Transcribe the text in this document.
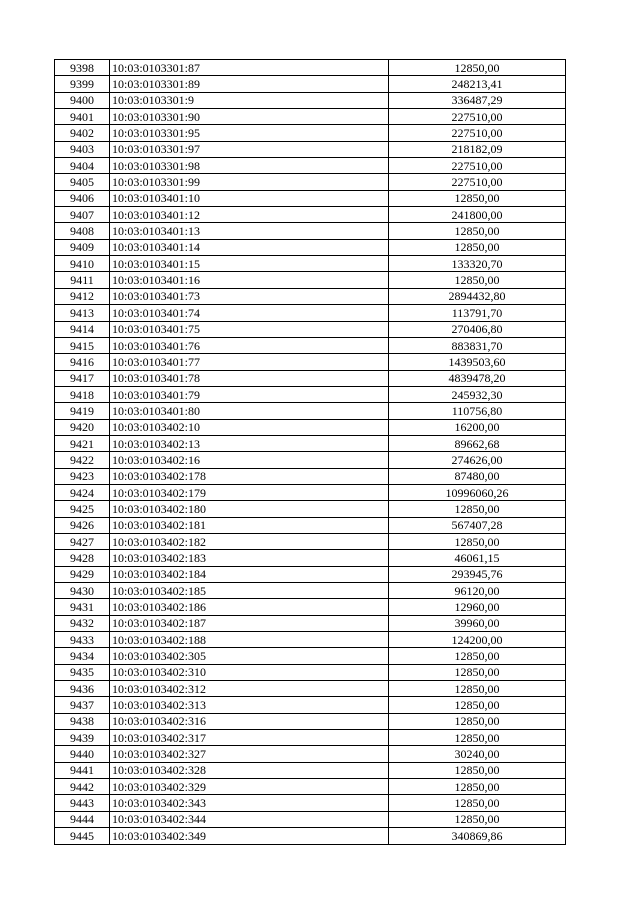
9398	10:03:0103301:87	12850,00
9399	10:03:0103301:89	248213,41
9400	10:03:0103301:9	336487,29
9401	10:03:0103301:90	227510,00
9402	10:03:0103301:95	227510,00
9403	10:03:0103301:97	218182,09
9404	10:03:0103301:98	227510,00
9405	10:03:0103301:99	227510,00
9406	10:03:0103401:10	12850,00
9407	10:03:0103401:12	241800,00
9408	10:03:0103401:13	12850,00
9409	10:03:0103401:14	12850,00
9410	10:03:0103401:15	133320,70
9411	10:03:0103401:16	12850,00
9412	10:03:0103401:73	2894432,80
9413	10:03:0103401:74	113791,70
9414	10:03:0103401:75	270406,80
9415	10:03:0103401:76	883831,70
9416	10:03:0103401:77	1439503,60
9417	10:03:0103401:78	4839478,20
9418	10:03:0103401:79	245932,30
9419	10:03:0103401:80	110756,80
9420	10:03:0103402:10	16200,00
9421	10:03:0103402:13	89662,68
9422	10:03:0103402:16	274626,00
9423	10:03:0103402:178	87480,00
9424	10:03:0103402:179	10996060,26
9425	10:03:0103402:180	12850,00
9426	10:03:0103402:181	567407,28
9427	10:03:0103402:182	12850,00
9428	10:03:0103402:183	46061,15
9429	10:03:0103402:184	293945,76
9430	10:03:0103402:185	96120,00
9431	10:03:0103402:186	12960,00
9432	10:03:0103402:187	39960,00
9433	10:03:0103402:188	124200,00
9434	10:03:0103402:305	12850,00
9435	10:03:0103402:310	12850,00
9436	10:03:0103402:312	12850,00
9437	10:03:0103402:313	12850,00
9438	10:03:0103402:316	12850,00
9439	10:03:0103402:317	12850,00
9440	10:03:0103402:327	30240,00
9441	10:03:0103402:328	12850,00
9442	10:03:0103402:329	12850,00
9443	10:03:0103402:343	12850,00
9444	10:03:0103402:344	12850,00
9445	10:03:0103402:349	340869,86
